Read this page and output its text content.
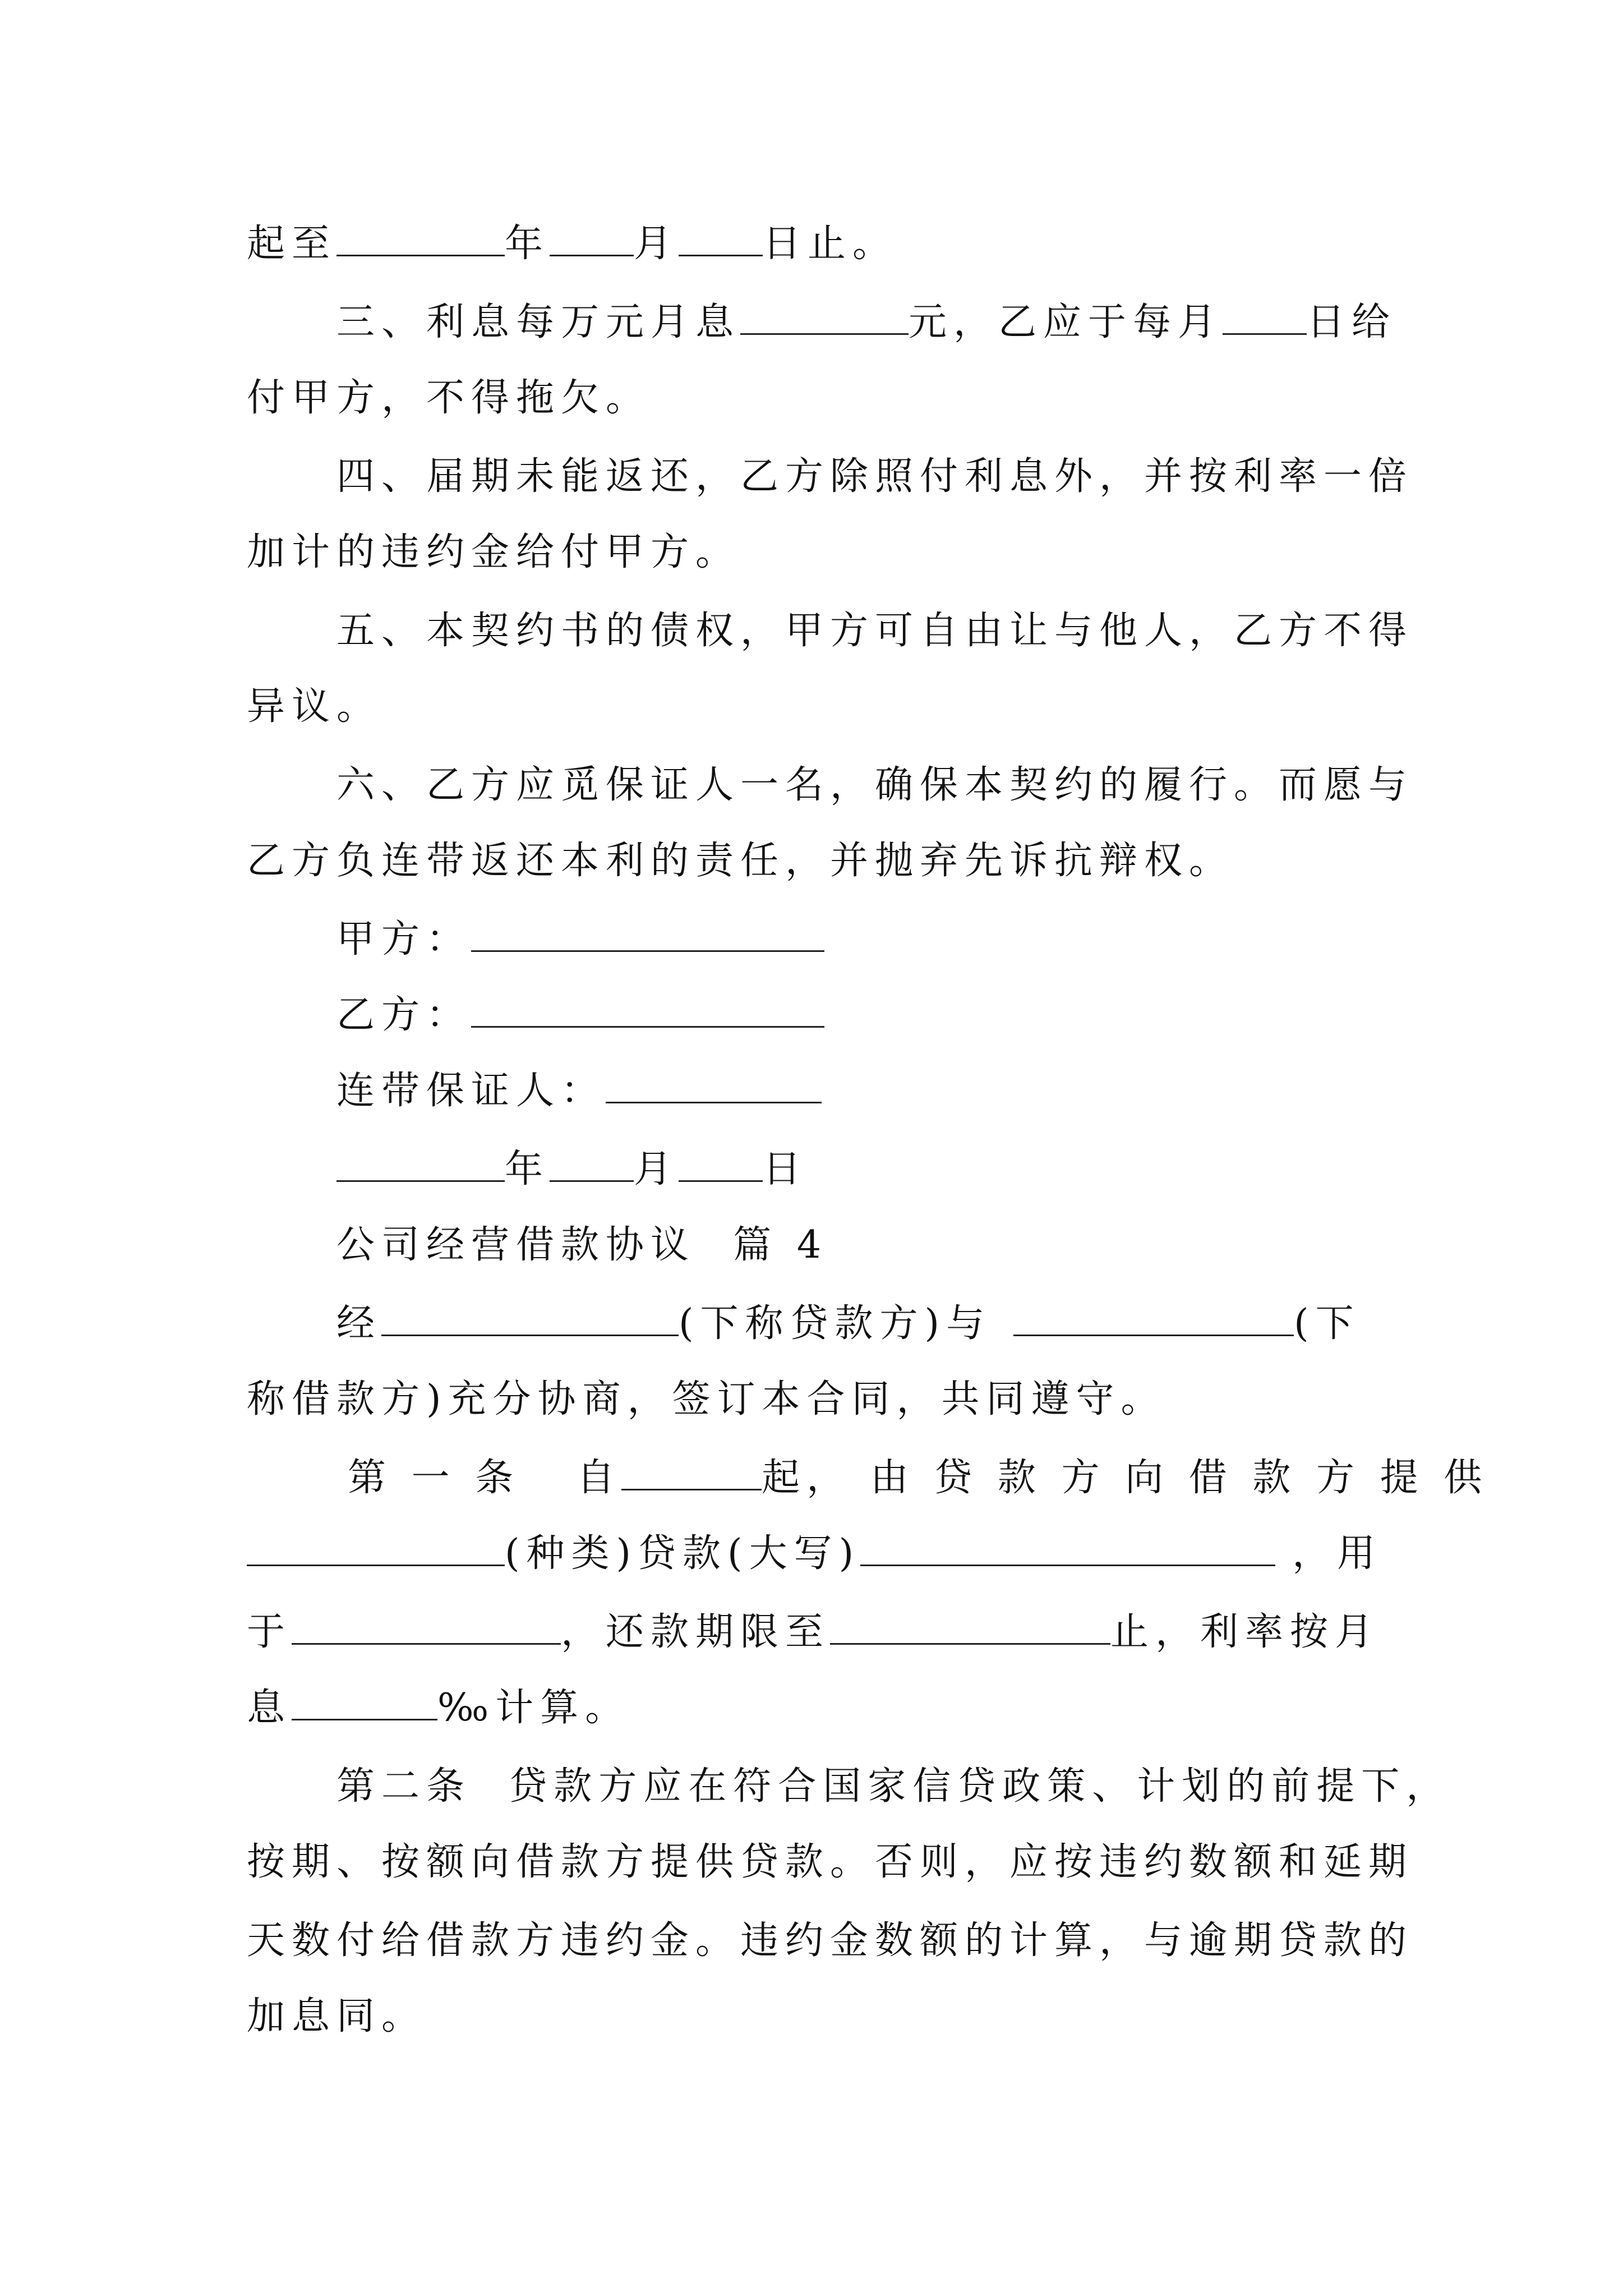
起至	年 月 日止。
三、利息每万元月息	元，乙应于每月 日给
付甲方，不得拖欠。
四、届期未能返还，乙方除照付利息外，并按利率一倍
加计的违约金给付甲方。
五、本契约书的债权，甲方可自由让与他人，乙方不得
异议。
六、乙方应觅保证人一名，确保本契约的履行。而愿与
乙方负连带返还本利的责任，并抛弃先诉抗辩权。
甲方：
乙方：
连带保证人：
年 月 日
公司经营借款协议  篇 4
经	(下称贷款方)与	(下
称借款方)充分协商，签订本合同，共同遵守。
第 一 条   自	起， 由 贷 款 方 向 借 款 方 提 供
(种类)贷款(大写)	，用
于	，还款期限至	止，利率按月
息	‰计算。
第二条  贷款方应在符合国家信贷政策、计划的前提下，
按期、按额向借款方提供贷款。否则，应按违约数额和延期
天数付给借款方违约金。违约金数额的计算，与逾期贷款的
加息同。
